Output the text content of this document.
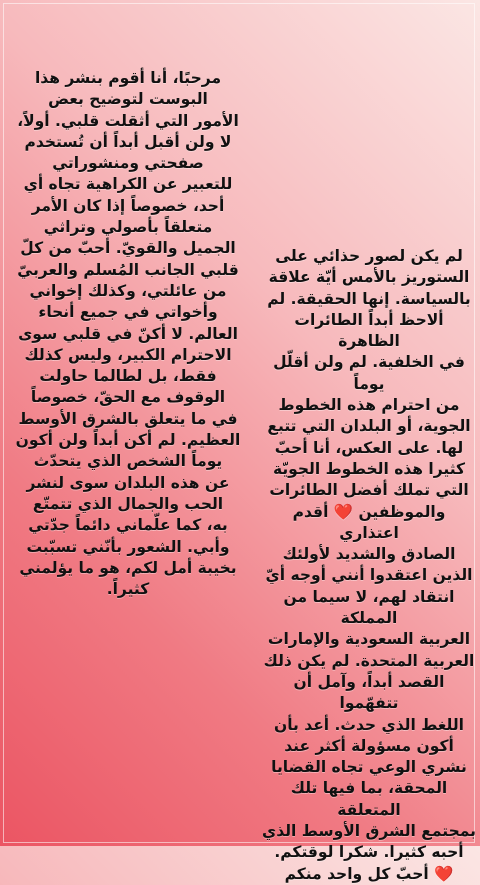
مرحبًا، أنا أقوم بنشر هذا
البوست لتوضيح بعض
الأمور التي أثقلت قلبي. أولاً،
لا ولن أقبل أبداً أن تُستخدم
صفحتي ومنشوراتي
للتعبير عن الكراهية تجاه أي
أحد، خصوصاً إذا كان الأمر
متعلقاً بأصولي وتراثي
الجميل والقويّ. أحبّ من كلّ
قلبي الجانب المُسلم والعربيّ
من عائلتي، وكذلك إخواني
وأخواتي في جميع أنحاء
العالم. لا أكنّ في قلبي سوى
الاحترام الكبير، وليس كذلك
فقط، بل لطالما حاولت
الوقوف مع الحقّ، خصوصاً
في ما يتعلق بالشرق الأوسط
العظيم. لم أكن أبداً ولن أكون
يوماً الشخص الذي يتحدّث
عن هذه البلدان سوى لنشر
الحب والجمال الذي تتمتّع
به، كما علّماني دائماً جدّتي
وأبي. الشعور بأنّني تسبّبت
بخيبة أمل لكم، هو ما يؤلمني
كثيراً.
لم يكن لصور حذائي على
الستوريز بالأمس أيّة علاقة
بالسياسة. إنها الحقيقة. لم
ألاحظ أبداً الطائرات الظاهرة
في الخلفية. لم ولن أقلّل يوماً
من احترام هذه الخطوط
الجوية، أو البلدان التي تتبع
لها. على العكس، أنا أحبّ
كثيرا هذه الخطوط الجويّة
التي تملك أفضل الطائرات
والموظفين ❤️ أقدم اعتذاري
الصادق والشديد لأولئك
الذين اعتقدوا أنني أوجه أيّ
انتقاد لهم، لا سيما من المملكة
العربية السعودية والإمارات
العربية المتحدة. لم يكن ذلك
القصد أبداً، وآمل أن تتفهّموا
اللغط الذي حدث. أعد بأن
أكون مسؤولة أكثر عند
نشري الوعي تجاه القضايا
المحقة، بما فيها تلك المتعلقة
بمجتمع الشرق الأوسط الذي
أحبه كثيرا. شكرا لوقتكم.
❤️ أحبّ كل واحد منكم
